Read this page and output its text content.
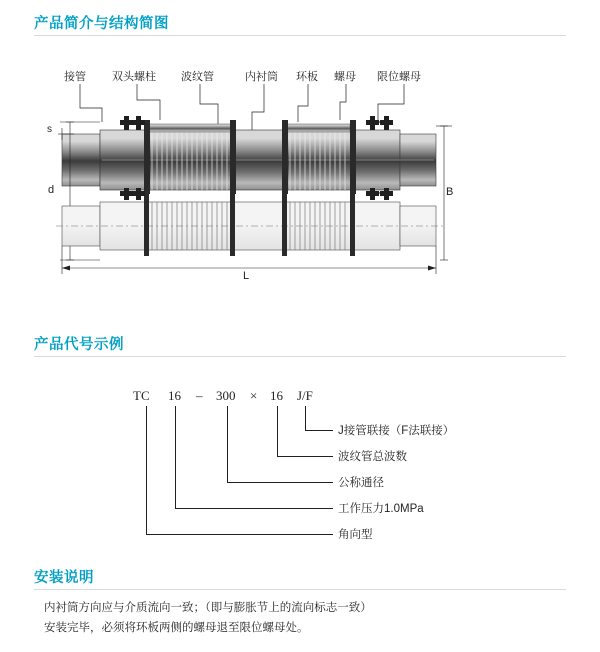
产品简介与结构简图
接管 双头螺柱 波纹管	内衬筒 环板 螺母 限位螺母
s
d	B
L
产品代号示例
TC 16 – 300 × 16 J/F
J接管联接（F法联接）
波纹管总波数
公称通径
工作压力1.0MPa
角向型
安装说明
内衬筒方向应与介质流向一致；（即与膨胀节上的流向标志一致）
安装完毕，必须将环板两侧的螺母退至限位螺母处。
